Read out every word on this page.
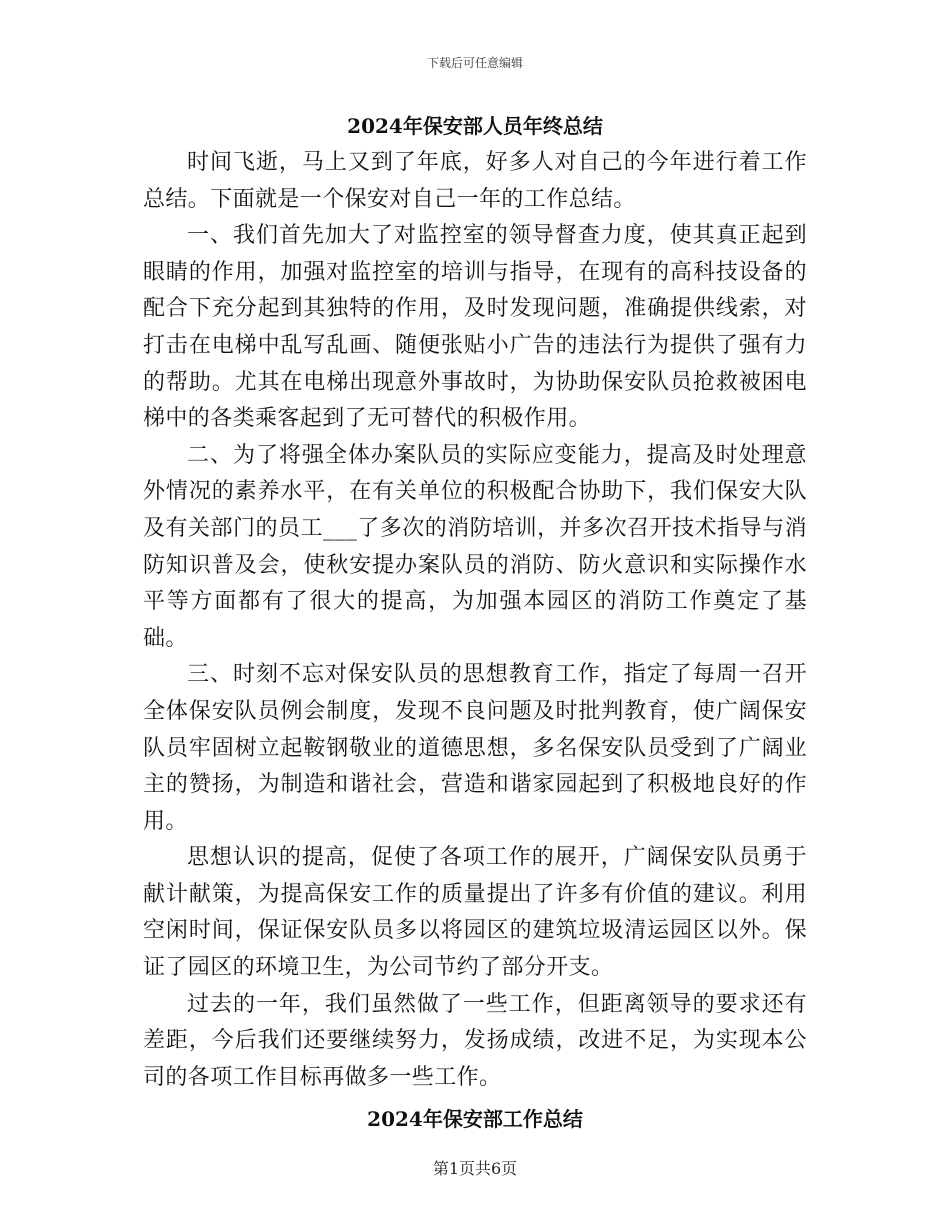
下载后可任意编辑
2024年保安部人员年终总结

时间飞逝，马上又到了年底，好多人对自己的今年进行着工作总结。下面就是一个保安对自己一年的工作总结。

一、我们首先加大了对监控室的领导督查力度，使其真正起到眼睛的作用，加强对监控室的培训与指导，在现有的高科技设备的配合下充分起到其独特的作用，及时发现问题，准确提供线索，对打击在电梯中乱写乱画、随便张贴小广告的违法行为提供了强有力的帮助。尤其在电梯出现意外事故时，为协助保安队员抢救被困电梯中的各类乘客起到了无可替代的积极作用。

二、为了将强全体办案队员的实际应变能力，提高及时处理意外情况的素养水平，在有关单位的积极配合协助下，我们保安大队及有关部门的员工___了多次的消防培训，并多次召开技术指导与消防知识普及会，使秋安提办案队员的消防、防火意识和实际操作水平等方面都有了很大的提高，为加强本园区的消防工作奠定了基础。

三、时刻不忘对保安队员的思想教育工作，指定了每周一召开全体保安队员例会制度，发现不良问题及时批判教育，使广阔保安队员牢固树立起鞍钢敬业的道德思想，多名保安队员受到了广阔业主的赞扬，为制造和谐社会，营造和谐家园起到了积极地良好的作用。

思想认识的提高，促使了各项工作的展开，广阔保安队员勇于献计献策，为提高保安工作的质量提出了许多有价值的建议。利用空闲时间，保证保安队员多以将园区的建筑垃圾清运园区以外。保证了园区的环境卫生，为公司节约了部分开支。

过去的一年，我们虽然做了一些工作，但距离领导的要求还有差距，今后我们还要继续努力，发扬成绩，改进不足，为实现本公司的各项工作目标再做多一些工作。

2024年保安部工作总结
第1页共6页
